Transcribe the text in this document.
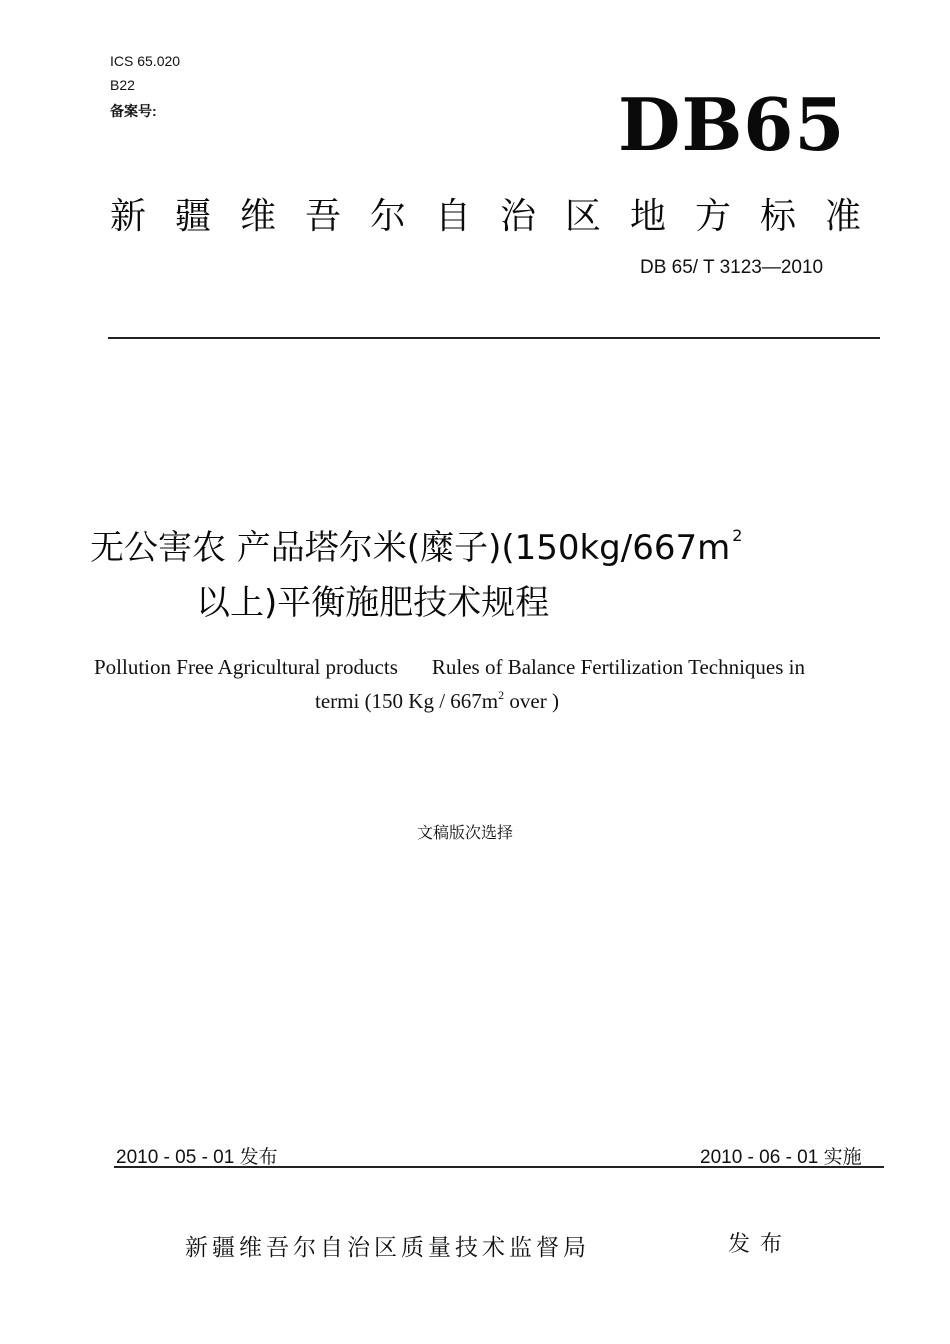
ICS 65.020
B22
备案号:	DB65
新疆维吾尔自治区地方标准
DB 65/ T 3123—2010
无公害农 产品塔尔米(糜子)(150kg/667m $^2$
以上)平衡施肥技术规程
Pollution Free Agricultural products Rules of Balance Fertilization Techniques in
termi (150 Kg / $667m^2$ over )
文稿版次选择
2010 - 05 - 01 发布	2010 - 06 - 01 实施
新疆维吾尔自治区质量技术监督局	发布
